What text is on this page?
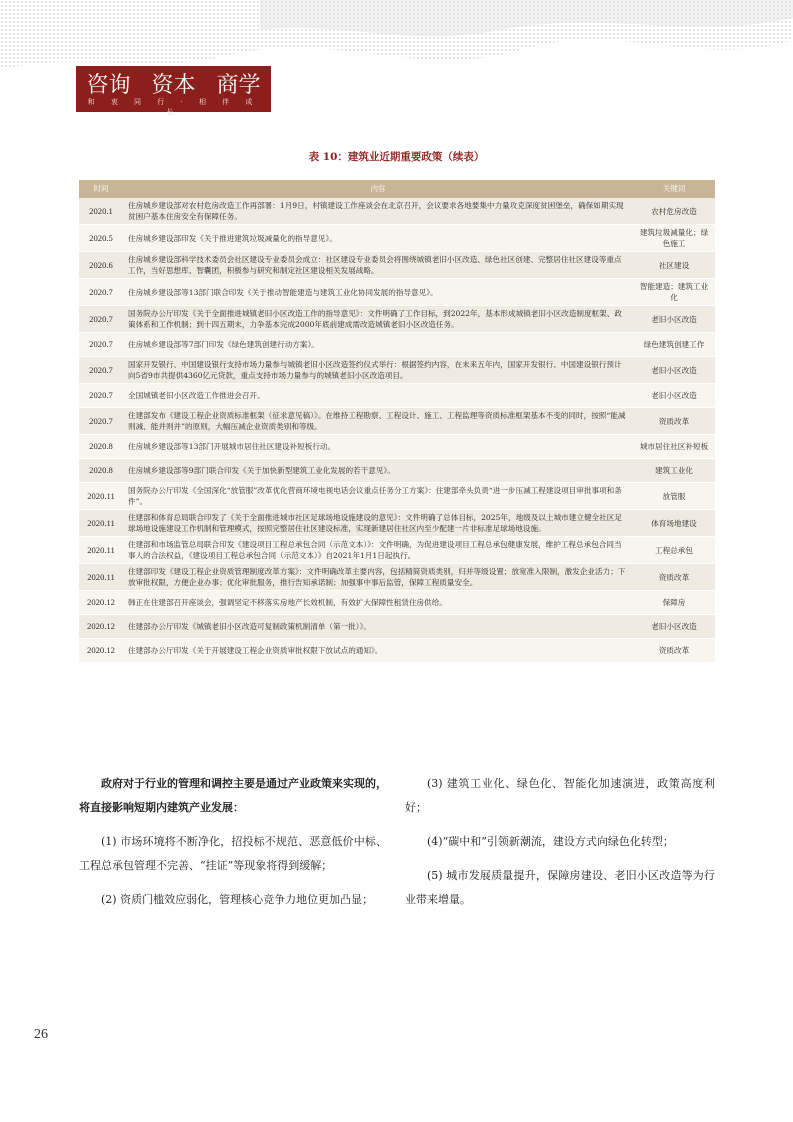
咨询 资本 商学
和 衷 同 行 · 相 伴 成 长
表 10：建筑业近期重要政策（续表）
时间	内容	关键词
2020.1	住房城乡建设部对农村危房改造工作再部署：1月9日，村镇建设工作座谈会在北京召开，会议要求各地要集中力量攻克深度贫困堡垒，确保如期实现贫困户基本住房安全有保障任务。	农村危房改造
2020.5	住房城乡建设部印发《关于推进建筑垃圾减量化的指导意见》。	建筑垃圾减量化；绿色施工
2020.6	住房城乡建设部科学技术委员会社区建设专业委员会成立：社区建设专业委员会将围绕城镇老旧小区改造、绿色社区创建、完整居住社区建设等重点工作，当好思想库、智囊团，积极参与研究和制定社区建设相关发展战略。	社区建设
2020.7	住房城乡建设部等13部门联合印发《关于推动智能建造与建筑工业化协同发展的指导意见》。	智能建造；建筑工业化
2020.7	国务院办公厅印发《关于全面推进城镇老旧小区改造工作的指导意见》：文件明确了工作目标，到2022年，基本形成城镇老旧小区改造制度框架、政策体系和工作机制；到十四五期末，力争基本完成2000年底前建成需改造城镇老旧小区改造任务。	老旧小区改造
2020.7	住房城乡建设部等7部门印发《绿色建筑创建行动方案》。	绿色建筑创建工作
2020.7	国家开发银行、中国建设银行支持市场力量参与城镇老旧小区改造签约仪式举行：根据签约内容，在未来五年内，国家开发银行、中国建设银行预计向5省9市共提供4360亿元贷款，重点支持市场力量参与的城镇老旧小区改造项目。	老旧小区改造
2020.7	全国城镇老旧小区改造工作推进会召开。	老旧小区改造
2020.7	住建部发布《建设工程企业资质标准框架（征求意见稿）》。在维持工程勘察、工程设计、施工、工程监理等资质标准框架基本不变的同时，按照“能减则减、能并则并”的原则，大幅压减企业资质类别和等级。	资质改革
2020.8	住房城乡建设部等13部门开展城市居住社区建设补短板行动。	城市居住社区补短板
2020.8	住房城乡建设部等9部门联合印发《关于加快新型建筑工业化发展的若干意见》。	建筑工业化
2020.11	国务院办公厅印发《全国深化“放管服”改革优化营商环境电视电话会议重点任务分工方案》：住建部牵头负责“进一步压减工程建设项目审批事项和条件”。	放管服
2020.11	住建部和体育总局联合印发了《关于全面推进城市社区足球场地设施建设的意见》：文件明确了总体目标，2025年，地级及以上城市建立健全社区足球场地设施建设工作机制和管理模式，按照完整居住社区建设标准，实现新建居住社区内至少配建一片非标准足球场地设施。	体育场地建设
2020.11	住建部和市场监管总局联合印发《建设项目工程总承包合同（示范文本）》：文件明确，为促进建设项目工程总承包健康发展，维护工程总承包合同当事人的合法权益，《建设项目工程总承包合同（示范文本）》自2021年1月1日起执行。	工程总承包
2020.11	住建部印发《建设工程企业资质管理制度改革方案》：文件明确改革主要内容，包括精简资质类别，归并等级设置；放宽准入限制，激发企业活力；下放审批权限，方便企业办事；优化审批服务，推行告知承诺制；加强事中事后监管，保障工程质量安全。	资质改革
2020.12	韩正在住建部召开座谈会，强调坚定不移落实房地产长效机制，有效扩大保障性租赁住房供给。	保障房
2020.12	住建部办公厅印发《城镇老旧小区改造可复制政策机制清单（第一批）》。	老旧小区改造
2020.12	住建部办公厅印发《关于开展建设工程企业资质审批权限下放试点的通知》。	资质改革

政府对于行业的管理和调控主要是通过产业政策来实现的，将直接影响短期内建筑产业发展：

(1) 市场环境将不断净化，招投标不规范、恶意低价中标、工程总承包管理不完善、“挂证”等现象将得到缓解；

(2) 资质门槛效应弱化，管理核心竞争力地位更加凸显；

(3) 建筑工业化、绿色化、智能化加速演进，政策高度利好；

(4)“碳中和”引领新潮流，建设方式向绿色化转型；

(5) 城市发展质量提升，保障房建设、老旧小区改造等为行业带来增量。

26
